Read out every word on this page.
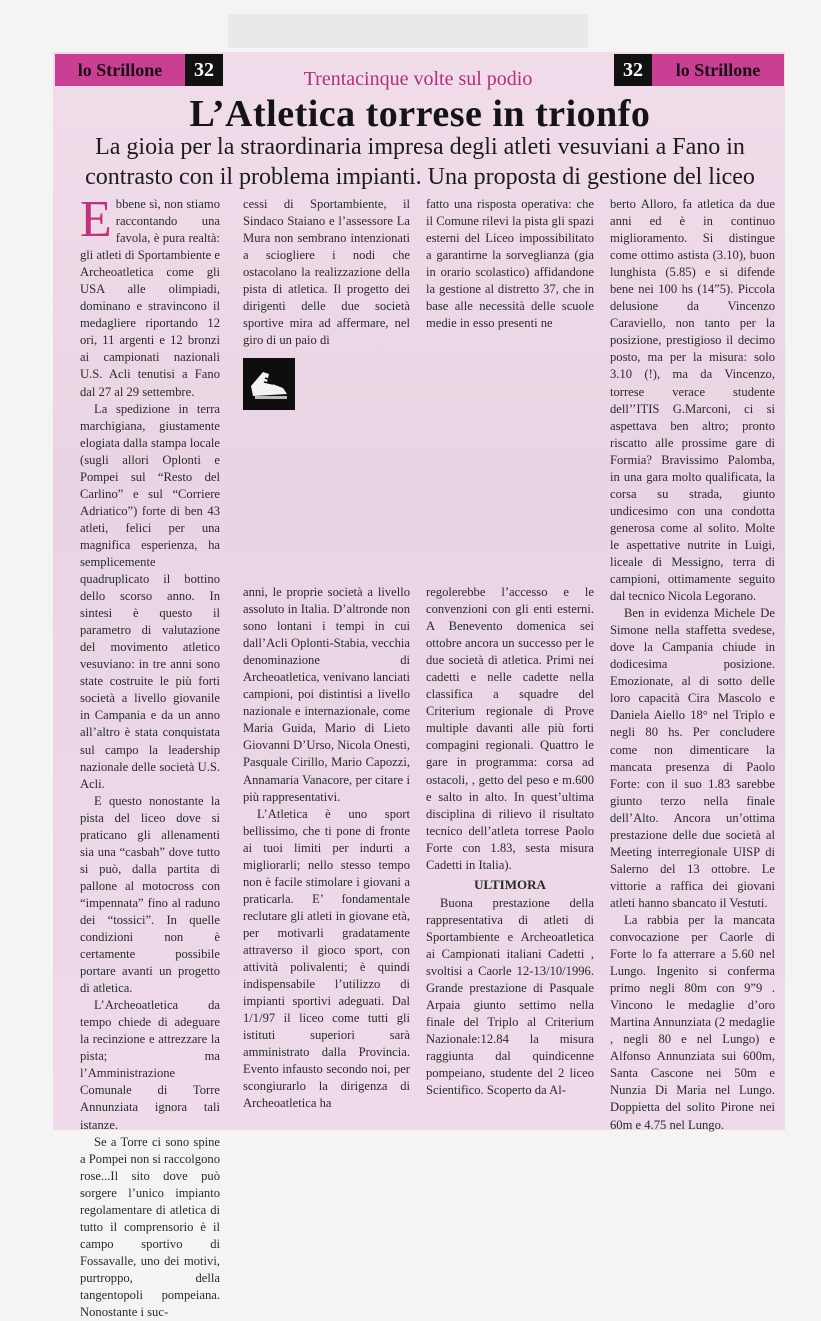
lo Strillone	32	32	lo Strillone
Trentacinque volte sul podio
L’Atletica torrese in trionfo
La gioia per la straordinaria impresa degli atleti vesuviani a Fano in contrasto con il problema impianti. Una proposta di gestione del liceo

Ebbene sì, non stiamo raccontando una favola, è pura realtà: gli atleti di Sportambiente e Archeoatletica come gli USA alle olimpiadi, dominano e stravincono il medagliere riportando 12 ori, 11 argenti e 12 bronzi ai campionati nazionali U.S. Acli tenutisi a Fano dal 27 al 29 settembre.

La spedizione in terra marchigiana, giustamente elogiata dalla stampa locale (sugli allori Oplonti e Pompei sul “Resto del Carlino” e sul “Corriere Adriatico”) forte di ben 43 atleti, felici per una magnifica esperienza, ha semplicemente quadruplicato il bottino dello scorso anno. In sintesi è questo il parametro di valutazione del movimento atletico vesuviano: in tre anni sono state costruite le più forti società a livello giovanile in Campania e da un anno all’altro è stata conquistata sul campo la leadership nazionale delle società U.S. Acli.

E questo nonostante la pista del liceo dove si praticano gli allenamenti sia una “casbah” dove tutto si può, dalla partita di pallone al motocross con “impennata” fino al raduno dei “tossici”. In quelle condizioni non è certamente possibile portare avanti un progetto di atletica.

L’Archeoatletica da tempo chiede di adeguare la recinzione e attrezzare la pista; ma l’Amministrazione Comunale di Torre Annunziata ignora tali istanze.

Se a Torre ci sono spine a Pompei non si raccolgono rose...Il sito dove può sorgere l’unico impianto regolamentare di atletica di tutto il comprensorio è il campo sportivo di Fossavalle, uno dei motivi, purtroppo, della tangentopoli pompeiana. Nonostante i suc-

cessi di Sportambiente, il Sindaco Staiano e l’assessore La Mura non sembrano intenzionati a sciogliere i nodi che ostacolano la realizzazione della pista di atletica. Il progetto dei dirigenti delle due società sportive mira ad affermare, nel giro di un paio di

anni, le proprie società a livello assoluto in Italia. D’altronde non sono lontani i tempi in cui dall’Acli Oplonti-Stabia, vecchia denominazione di Archeoatletica, venivano lanciati campioni, poi distintisi a livello nazionale e internazionale, come Maria Guida, Mario di Lieto Giovanni D’Urso, Nicola Onesti, Pasquale Cirillo, Mario Capozzi, Annamaria Vanacore, per citare i più rappresentativi.

L’Atletica è uno sport bellissimo, che ti pone di fronte ai tuoi limiti per indurti a migliorarli; nello stesso tempo non è facile stimolare i giovani a praticarla. E’ fondamentale reclutare gli atleti in giovane età, per motivarli gradatamente attraverso il gioco sport, con attività polivalenti; è quindi indispensabile l’utilizzo di impianti sportivi adeguati. Dal 1/1/97 il liceo come tutti gli istituti superiori sarà amministrato dalla Provincia. Evento infausto secondo noi, per scongiurarlo la dirigenza di Archeoatletica ha

fatto una risposta operativa: che il Comune rilevi la pista gli spazi esterni del Liceo impossibilitato a garantirne la sorveglianza (gia in orario scolastico) affidandone la gestione al distretto 37, che in base alle necessità delle scuole medie in esso presenti ne

regolerebbe l’accesso e le convenzioni con gli enti esterni. A Benevento domenica sei ottobre ancora un successo per le due società di atletica. Primi nei cadetti e nelle cadette nella classifica a squadre del Criterium regionale di Prove multiple davanti alle più forti compagini regionali. Quattro le gare in programma: corsa ad ostacoli, , getto del peso e m.600 e salto in alto. In quest’ultima disciplina di rilievo il risultato tecnico dell’atleta torrese Paolo Forte con 1.83, sesta misura Cadetti in Italia).

ULTIMORA

Buona prestazione della rappresentativa di atleti di Sportambiente e Archeoatletica ai Campionati italiani Cadetti , svoltisi a Caorle 12-13/10/1996. Grande prestazione di Pasquale Arpaia giunto settimo nella finale del Triplo al Criterium Nazionale:12.84 la misura raggiunta dal quindicenne pompeiano, studente del 2 liceo Scientifico. Scoperto da Al-

berto Alloro, fa atletica da due anni ed è in continuo miglioramento. Si distingue come ottimo astista (3.10), buon lunghista (5.85) e si difende bene nei 100 hs (14”5). Piccola delusione da Vincenzo Caraviello, non tanto per la posizione, prestigioso il decimo posto, ma per la misura: solo 3.10 (!), ma da Vincenzo, torrese verace studente dell’’ITIS G.Marconi, ci si aspettava ben altro; pronto riscatto alle prossime gare di Formia? Bravissimo Palomba, in una gara molto qualificata, la corsa su strada, giunto undicesimo con una condotta generosa come al solito. Molte le aspettative nutrite in Luigi, liceale di Messigno, terra di campioni, ottimamente seguito dal tecnico Nicola Legorano.

Ben in evidenza Michele De Simone nella staffetta svedese, dove la Campania chiude in dodicesima posizione. Emozionate, al di sotto delle loro capacità Cira Mascolo e Daniela Aiello 18° nel Triplo e negli 80 hs. Per concludere come non dimenticare la mancata presenza di Paolo Forte: con il suo 1.83 sarebbe giunto terzo nella finale dell’Alto. Ancora un’ottima prestazione delle due società al Meeting interregionale UISP di Salerno del 13 ottobre. Le vittorie a raffica dei giovani atleti hanno sbancato il Vestuti.

La rabbia per la mancata convocazione per Caorle di Forte lo fa atterrare a 5.60 nel Lungo. Ingenito si conferma primo negli 80m con 9”9 . Vincono le medaglie d’oro Martina Annunziata (2 medaglie , negli 80 e nel Lungo) e Alfonso Annunziata sui 600m, Santa Cascone nei 50m e Nunzia Di Maria nel Lungo. Doppietta del solito Pirone nei 60m e 4.75 nel Lungo.
